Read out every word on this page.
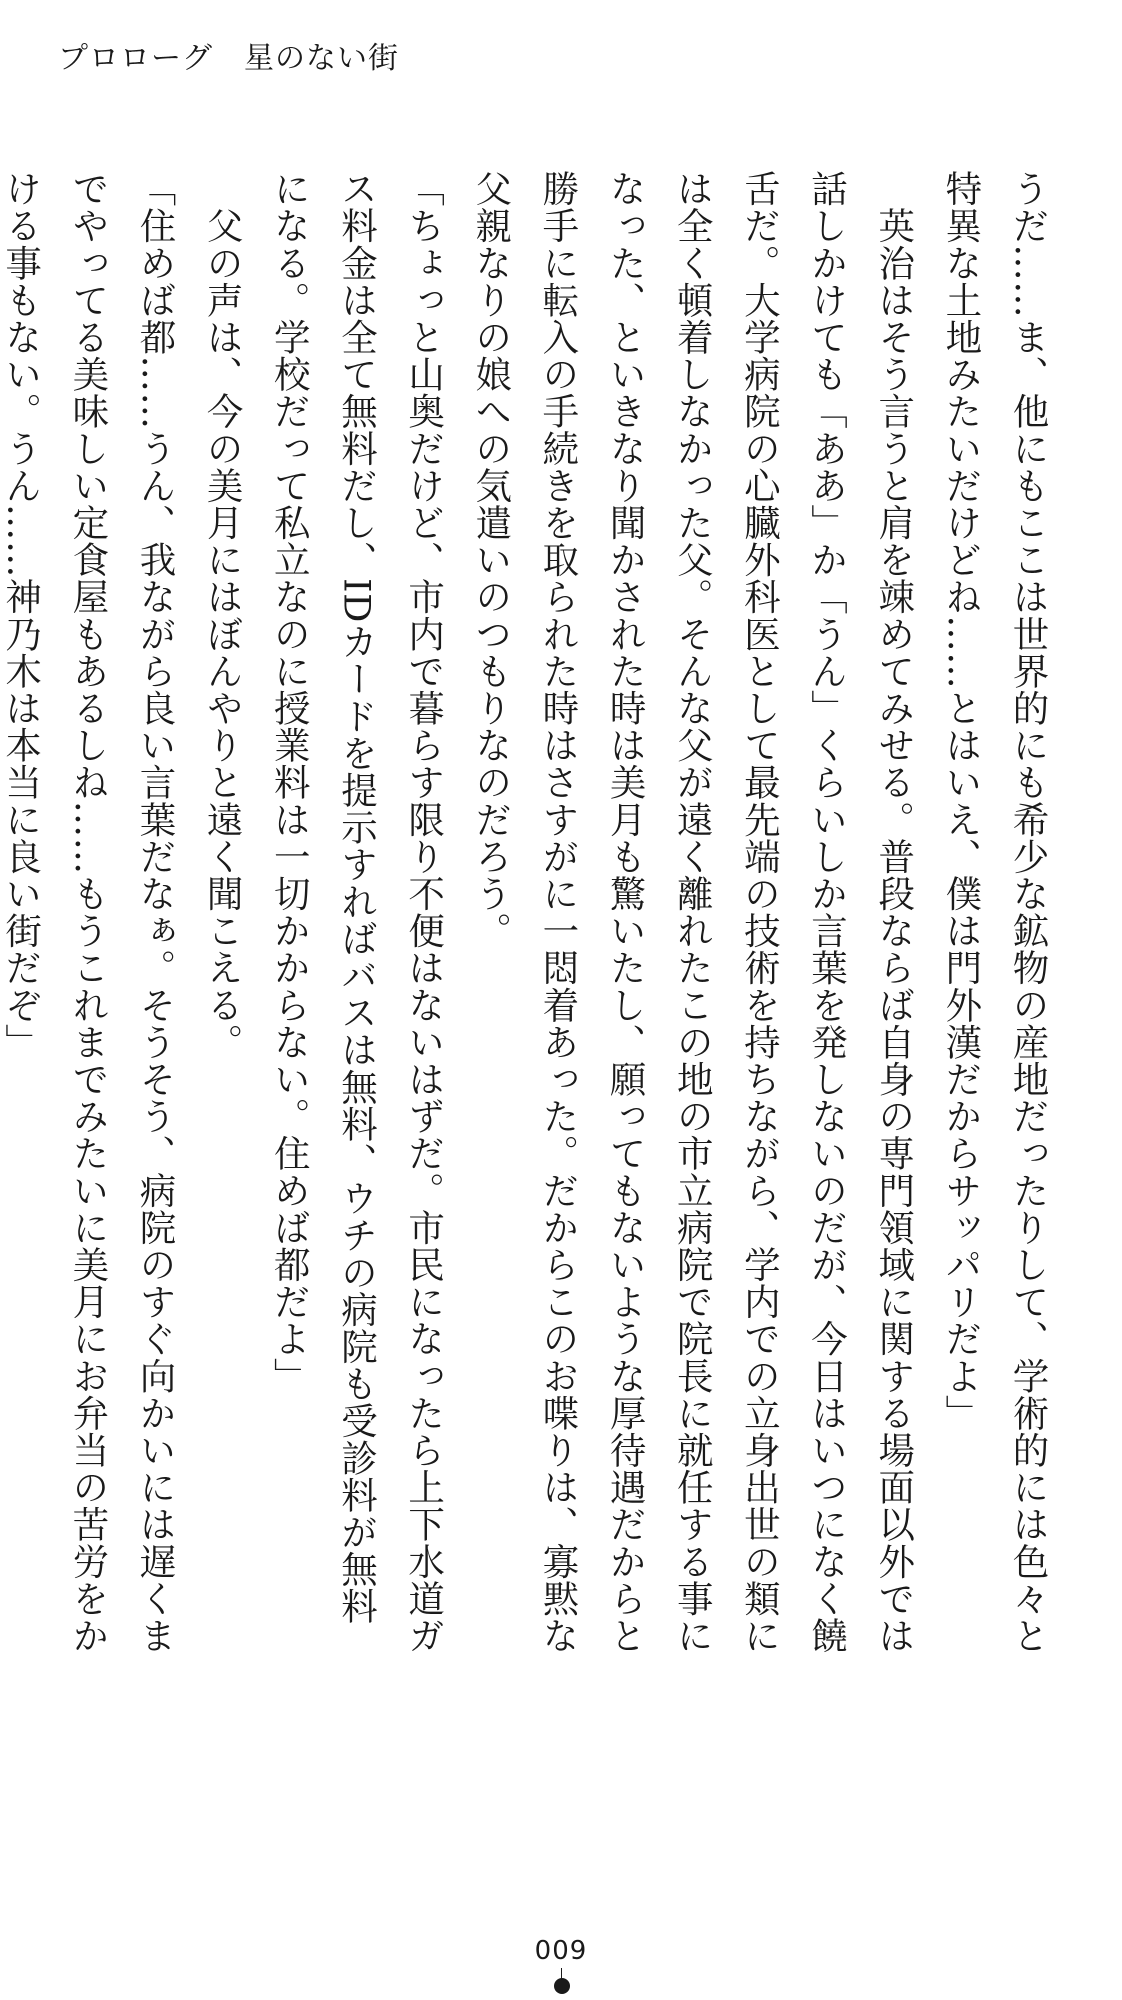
プロローグ　星のない街

うだ……ま、他にもここは世界的にも希少な鉱物の産地だったりして、学術的には色々と

特異な土地みたいだけどね……とはいえ、僕は門外漢だからサッパリだよ」

　英治はそう言うと肩を竦めてみせる。普段ならば自身の専門領域に関する場面以外では

話しかけても「ああ」か「うん」くらいしか言葉を発しないのだが、今日はいつになく饒

舌だ。大学病院の心臓外科医として最先端の技術を持ちながら、学内での立身出世の類に

は全く頓着しなかった父。そんな父が遠く離れたこの地の市立病院で院長に就任する事に

なった、といきなり聞かされた時は美月も驚いたし、願ってもないような厚待遇だからと

勝手に転入の手続きを取られた時はさすがに一悶着あった。だからこのお喋りは、寡黙な

父親なりの娘への気遣いのつもりなのだろう。

「ちょっと山奥だけど、市内で暮らす限り不便はないはずだ。市民になったら上下水道ガ

ス料金は全て無料だし、IDカードを提示すればバスは無料、ウチの病院も受診料が無料

になる。学校だって私立なのに授業料は一切かからない。住めば都だよ」

　父の声は、今の美月にはぼんやりと遠く聞こえる。

「住めば都……うん、我ながら良い言葉だなぁ。そうそう、病院のすぐ向かいには遅くま

でやってる美味しい定食屋もあるしね……もうこれまでみたいに美月にお弁当の苦労をか

ける事もない。うん……神乃木は本当に良い街だぞ」

009
